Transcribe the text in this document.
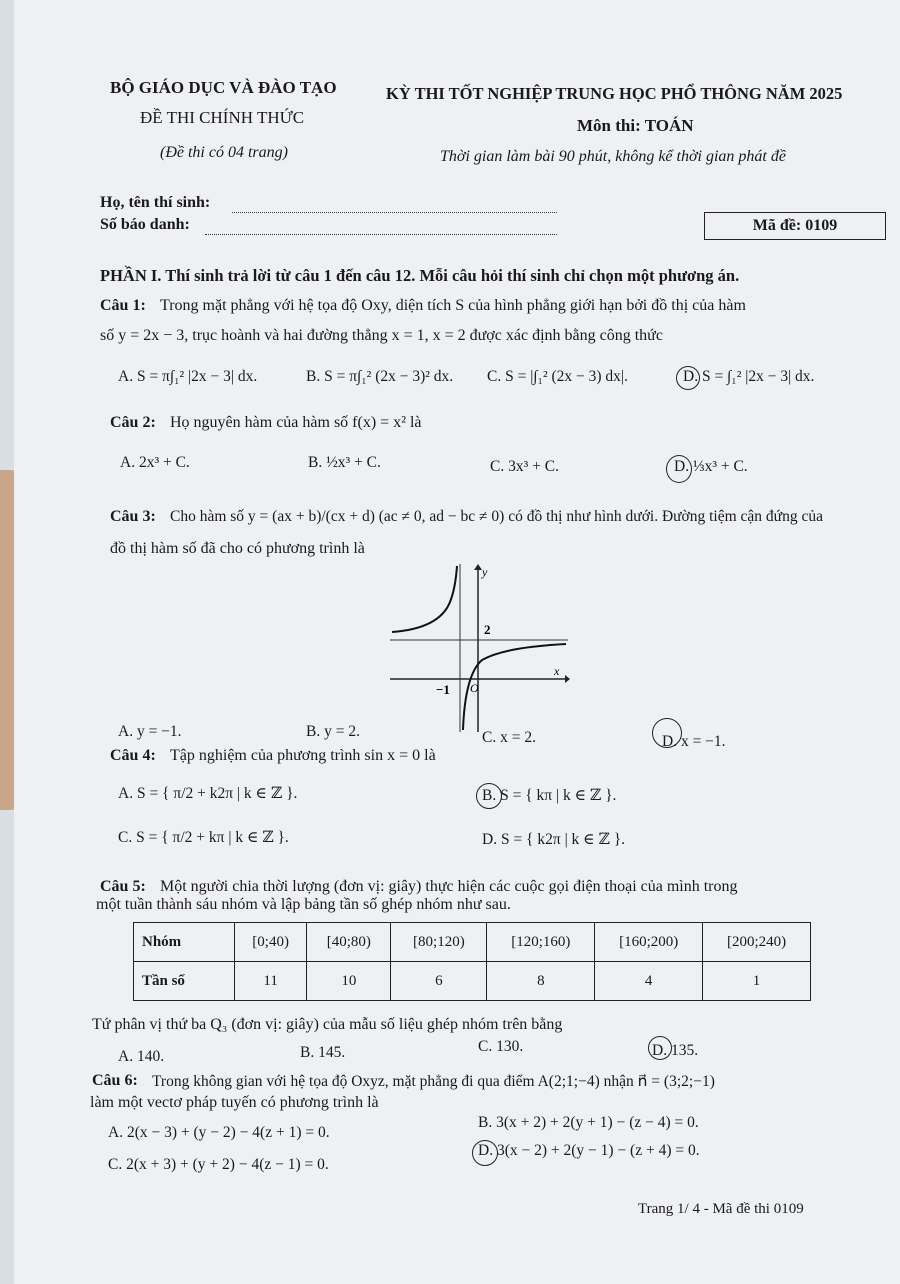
BỘ GIÁO DỤC VÀ ĐÀO TẠO	KỲ THI TỐT NGHIỆP TRUNG HỌC PHỔ THÔNG NĂM 2025
ĐỀ THI CHÍNH THỨC	Môn thi: TOÁN
(Đề thi có 04 trang)	Thời gian làm bài 90 phút, không kể thời gian phát đề
Họ, tên thí sinh:
Số báo danh:	Mã đề: 0109
PHẦN I. Thí sinh trả lời từ câu 1 đến câu 12. Mỗi câu hỏi thí sinh chỉ chọn một phương án.
Câu 1: Trong mặt phẳng với hệ tọa độ Oxy, diện tích S của hình phẳng giới hạn bởi đồ thị của hàm
số y = 2x − 3, trục hoành và hai đường thẳng x = 1, x = 2 được xác định bằng công thức
A. S = π∫₁² |2x − 3| dx.	B. S = π∫₁² (2x − 3)² dx. C. S = |∫₁² (2x − 3) dx|.	D. S = ∫₁² |2x − 3| dx.
Câu 2: Họ nguyên hàm của hàm số f(x) = x² là
A. 2x³ + C.	B. ½x³ + C.	C. 3x³ + C.	D. ⅓x³ + C.
Câu 3: Cho hàm số y = (ax + b)/(cx + d) (ac ≠ 0, ad − bc ≠ 0) có đồ thị như hình dưới. Đường tiệm cận đứng của
đồ thị hàm số đã cho có phương trình là
y
x
2
−1 O
A. y = −1.	B. y = 2.	C. x = 2.	D. x = −1.
Câu 4: Tập nghiệm của phương trình sin x = 0 là
A. S = { π/2 + k2π | k ∈ ℤ }.	B. S = { kπ | k ∈ ℤ }.
C. S = { π/2 + kπ | k ∈ ℤ }.	D. S = { k2π | k ∈ ℤ }.
Câu 5: Một người chia thời lượng (đơn vị: giây) thực hiện các cuộc gọi điện thoại của mình trong
một tuần thành sáu nhóm và lập bảng tần số ghép nhóm như sau.
Nhóm	[0;40)	[40;80)	[80;120)	[120;160)	[160;200)	[200;240)
Tần số	11	10	6	8	4	1
Tứ phân vị thứ ba Q₃ (đơn vị: giây) của mẫu số liệu ghép nhóm trên bằng
A. 140.	B. 145.	C. 130.	D. 135.
Câu 6: Trong không gian với hệ tọa độ Oxyz, mặt phẳng đi qua điểm A(2;1;−4) nhận n⃗ = (3;2;−1)
làm một vectơ pháp tuyến có phương trình là
A. 2(x − 3) + (y − 2) − 4(z + 1) = 0.
B. 3(x + 2) + 2(y + 1) − (z − 4) = 0.
C. 2(x + 3) + (y + 2) − 4(z − 1) = 0.
D. 3(x − 2) + 2(y − 1) − (z + 4) = 0.
Trang 1/ 4 - Mã đề thi 0109
